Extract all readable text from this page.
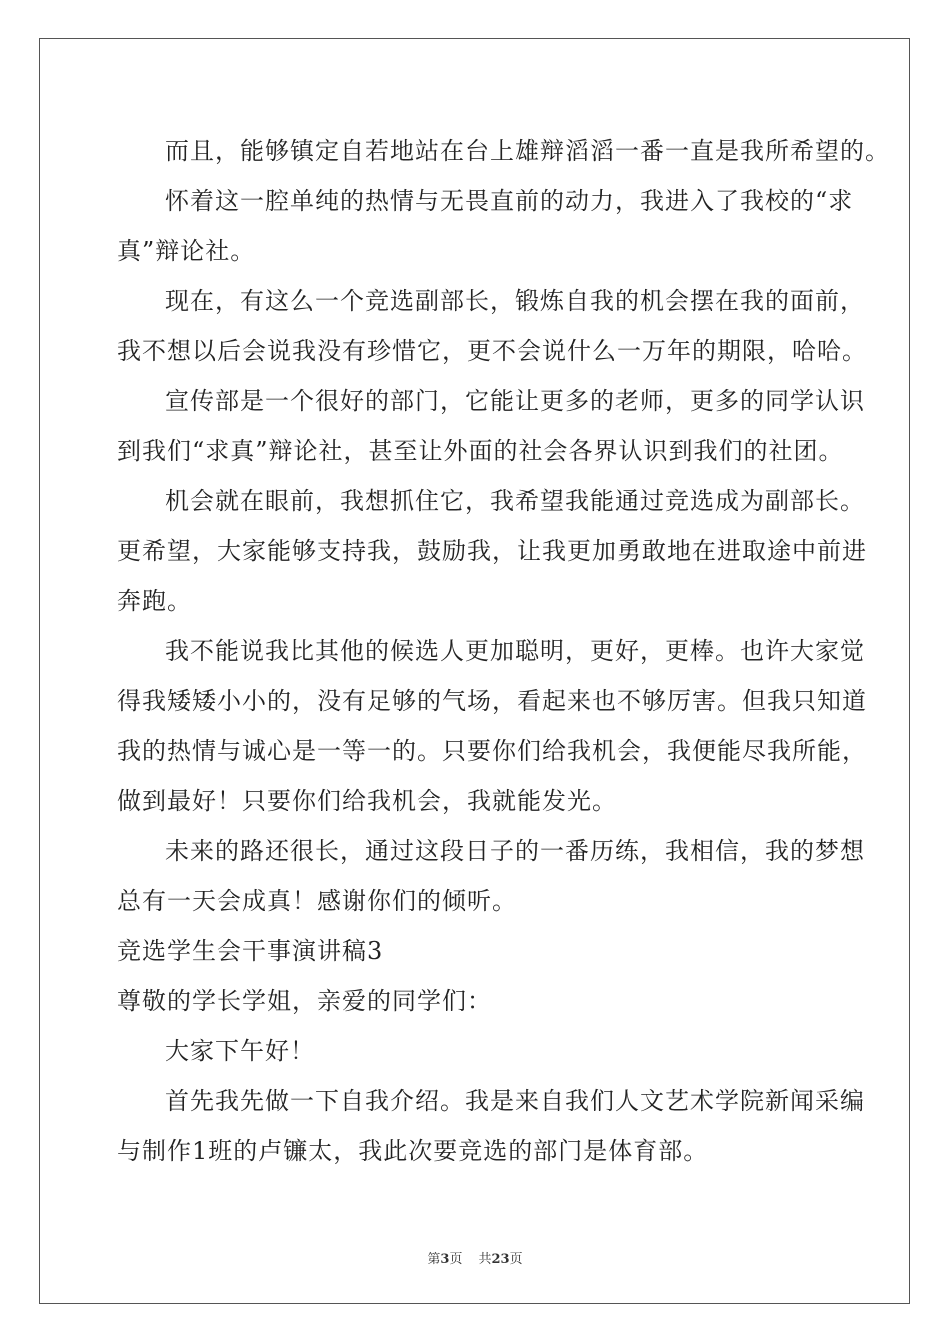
而且，能够镇定自若地站在台上雄辩滔滔一番一直是我所希望的。
怀着这一腔单纯的热情与无畏直前的动力，我进入了我校的“求
真”辩论社。
现在，有这么一个竞选副部长，锻炼自我的机会摆在我的面前，
我不想以后会说我没有珍惜它，更不会说什么一万年的期限，哈哈。
宣传部是一个很好的部门，它能让更多的老师，更多的同学认识
到我们“求真”辩论社，甚至让外面的社会各界认识到我们的社团。
机会就在眼前，我想抓住它，我希望我能通过竞选成为副部长。
更希望，大家能够支持我，鼓励我，让我更加勇敢地在进取途中前进
奔跑。
我不能说我比其他的候选人更加聪明，更好，更棒。也许大家觉
得我矮矮小小的，没有足够的气场，看起来也不够厉害。但我只知道
我的热情与诚心是一等一的。只要你们给我机会，我便能尽我所能，
做到最好！只要你们给我机会，我就能发光。
未来的路还很长，通过这段日子的一番历练，我相信，我的梦想
总有一天会成真！感谢你们的倾听。
竞选学生会干事演讲稿3
尊敬的学长学姐，亲爱的同学们：
大家下午好！
首先我先做一下自我介绍。我是来自我们人文艺术学院新闻采编
与制作1班的卢镰太，我此次要竞选的部门是体育部。
第3页 共23页
